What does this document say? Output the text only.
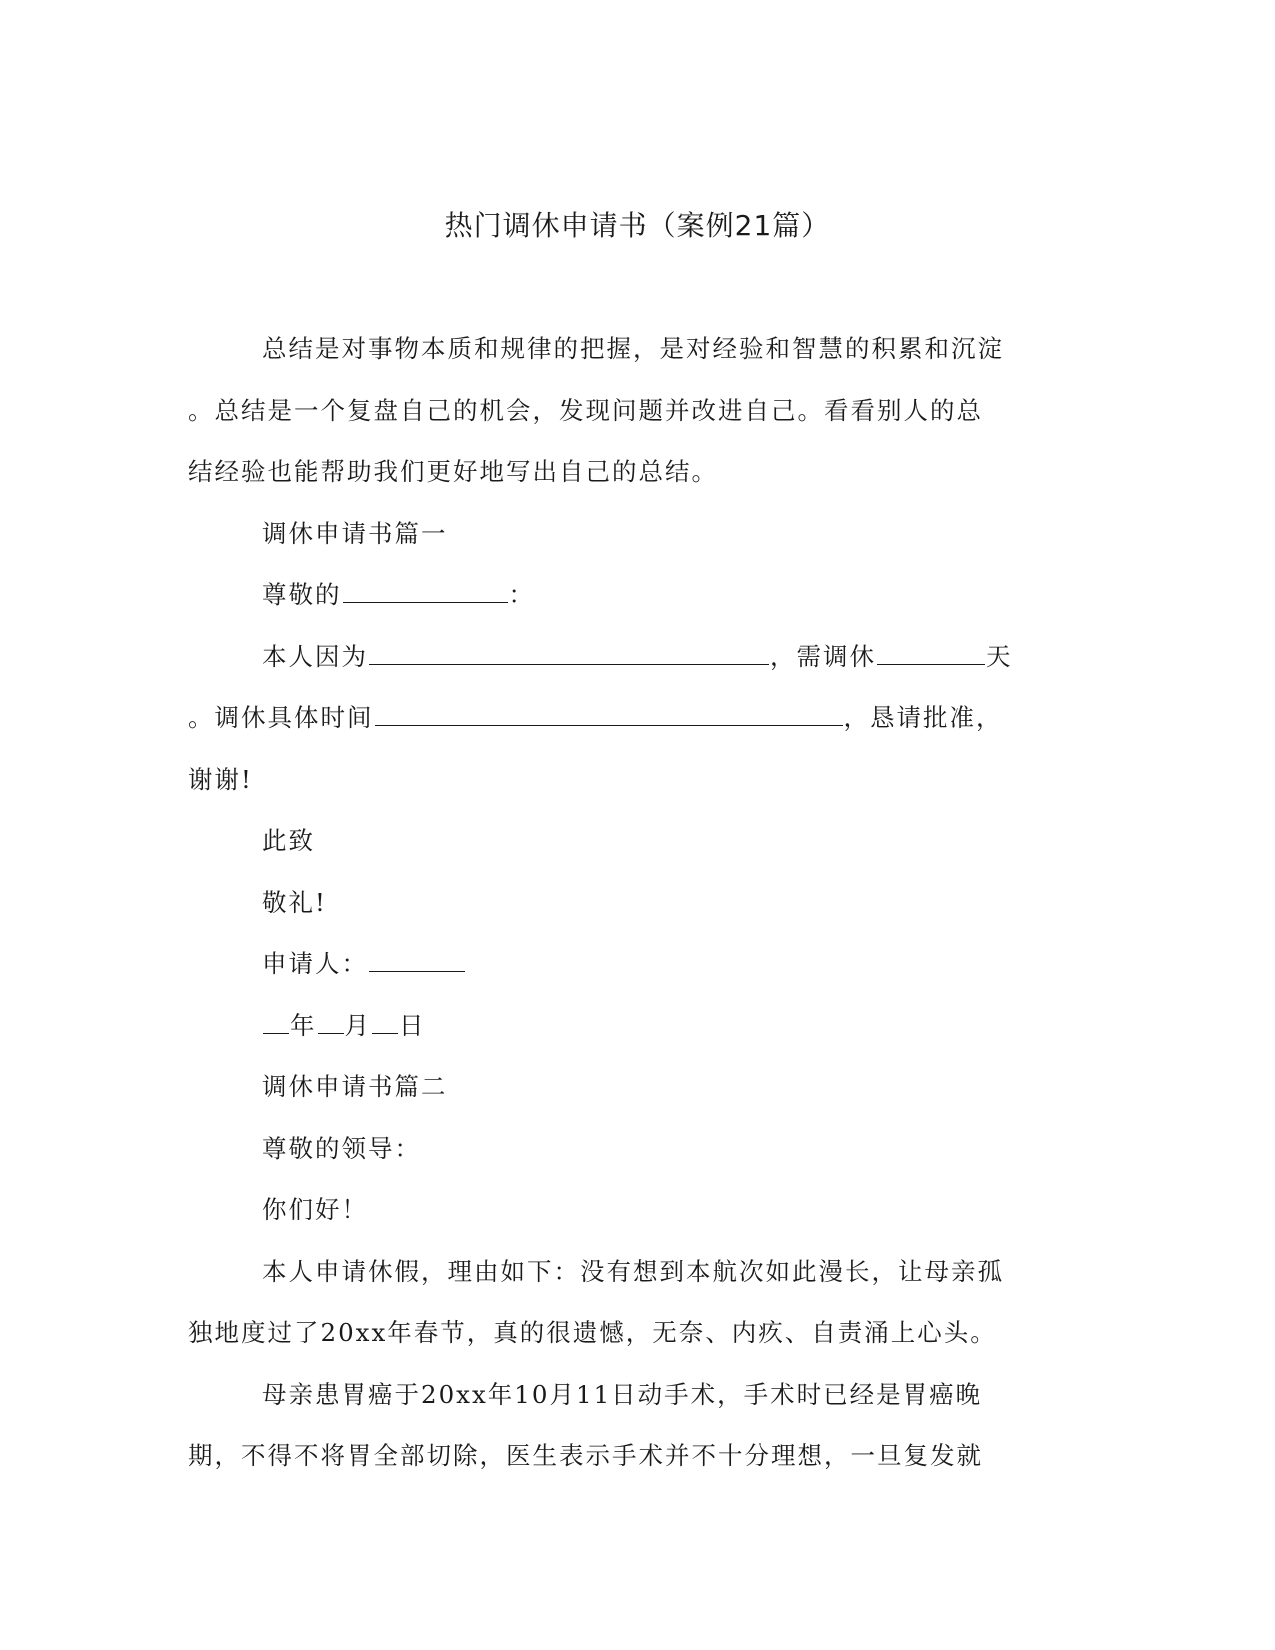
热门调休申请书（案例21篇）
总结是对事物本质和规律的把握，是对经验和智慧的积累和沉淀
。总结是一个复盘自己的机会，发现问题并改进自己。看看别人的总
结经验也能帮助我们更好地写出自己的总结。

调休申请书篇一

尊敬的	：

本人因为	，需调休	天
。调休具体时间	，恳请批准，
谢谢!

此致

敬礼!

申请人：

年 月 日

调休申请书篇二

尊敬的领导：

你们好！

本人申请休假，理由如下：没有想到本航次如此漫长，让母亲孤
独地度过了20xx年春节，真的很遗憾，无奈、内疚、自责涌上心头。
母亲患胃癌于20xx年10月11日动手术，手术时已经是胃癌晚
期，不得不将胃全部切除，医生表示手术并不十分理想，一旦复发就
